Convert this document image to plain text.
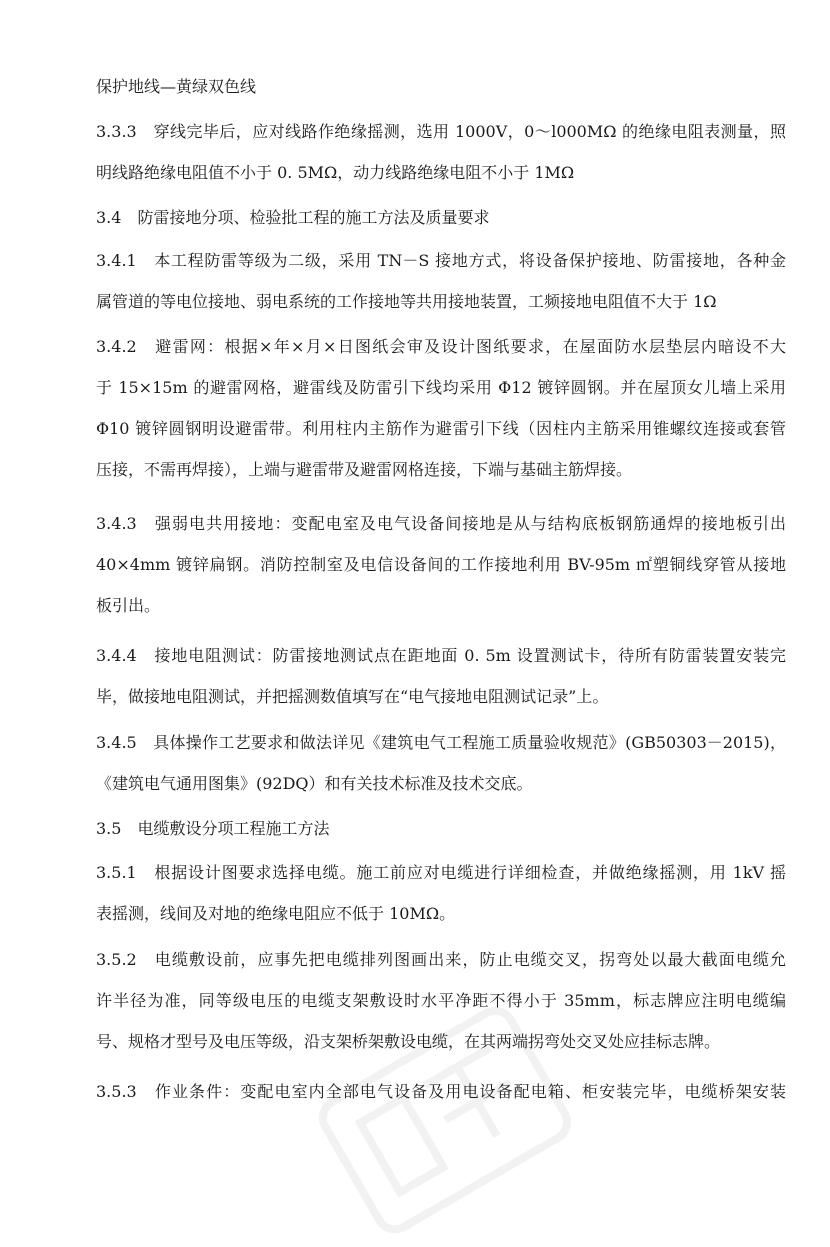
保护地线—黄绿双色线

3.3.3　穿线完毕后，应对线路作绝缘摇测，选用 1000V，0～l000MΩ 的绝缘电阻表测量，照
明线路绝缘电阻值不小于 0. 5MΩ，动力线路绝缘电阻不小于 1MΩ
3.4　防雷接地分项、检验批工程的施工方法及质量要求
3.4.1　本工程防雷等级为二级，采用 TN－S 接地方式，将设备保护接地、防雷接地，各种金
属管道的等电位接地、弱电系统的工作接地等共用接地装置，工频接地电阻值不大于 1Ω
3.4.2　避雷网：根据×年×月×日图纸会审及设计图纸要求，在屋面防水层垫层内暗设不大
于 15×15m 的避雷网格，避雷线及防雷引下线均采用 Φ12 镀锌圆钢。并在屋顶女儿墙上采用
Φ10 镀锌圆钢明设避雷带。利用柱内主筋作为避雷引下线（因柱内主筋采用锥螺纹连接或套管
压接，不需再焊接），上端与避雷带及避雷网格连接，下端与基础主筋焊接。
3.4.3　强弱电共用接地：变配电室及电气设备间接地是从与结构底板钢筋通焊的接地板引出
40×4mm 镀锌扁钢。消防控制室及电信设备间的工作接地利用 BV-95m ㎡塑铜线穿管从接地
板引出。
3.4.4　接地电阻测试：防雷接地测试点在距地面 0. 5m 设置测试卡，待所有防雷装置安装完
毕，做接地电阻测试，并把摇测数值填写在“电气接地电阻测试记录”上。
3.4.5　具体操作工艺要求和做法详见《建筑电气工程施工质量验收规范》(GB50303－2015)，
《建筑电气通用图集》(92DQ）和有关技术标准及技术交底。
3.5　电缆敷设分项工程施工方法
3.5.1　根据设计图要求选择电缆。施工前应对电缆进行详细检查，并做绝缘摇测，用 1kV 摇
表摇测，线间及对地的绝缘电阻应不低于 10MΩ。
3.5.2　电缆敷设前，应事先把电缆排列图画出来，防止电缆交叉，拐弯处以最大截面电缆允
许半径为准，同等级电压的电缆支架敷设时水平净距不得小于 35mm，标志牌应注明电缆编
号、规格才型号及电压等级，沿支架桥架敷设电缆，在其两端拐弯处交叉处应挂标志牌。
3.5.3　作业条件：变配电室内全部电气设备及用电设备配电箱、柜安装完毕，电缆桥架安装
